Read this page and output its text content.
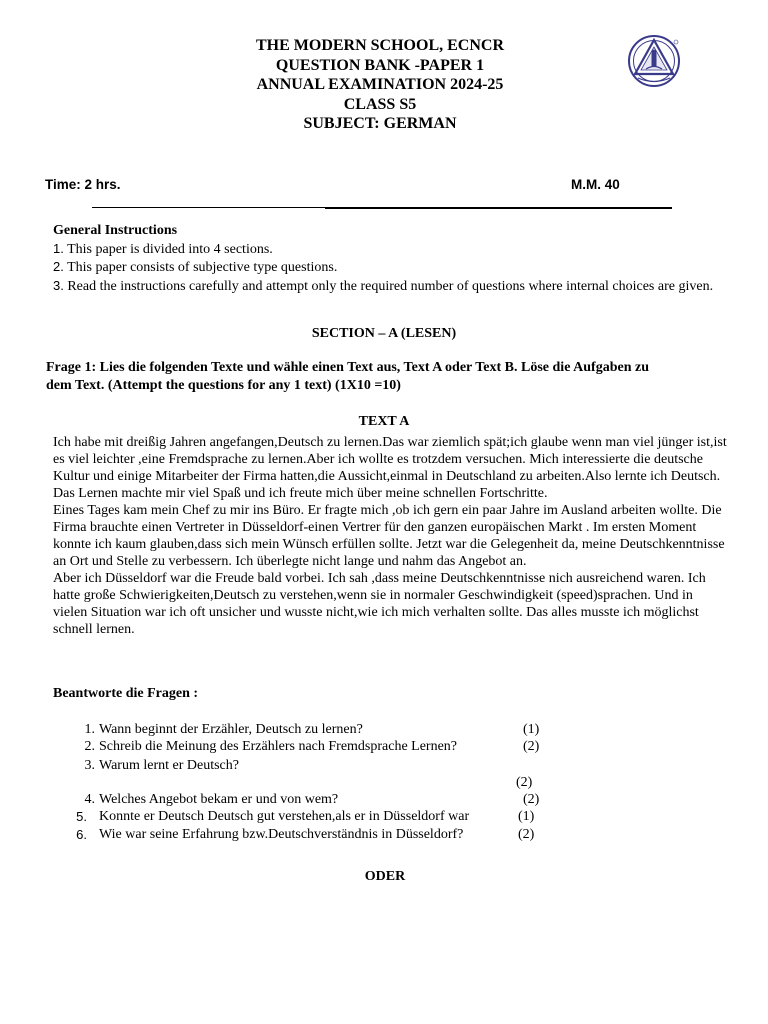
THE MODERN SCHOOL, ECNCR
QUESTION BANK -PAPER 1
ANNUAL EXAMINATION 2024-25
CLASS S5
SUBJECT: GERMAN
Time: 2 hrs.	M.M. 40
General Instructions
1. This paper is divided into 4 sections.
2. This paper consists of subjective type questions.
3. Read the instructions carefully and attempt only the required number of questions where internal choices are given.
SECTION – A (LESEN)
Frage 1: Lies die folgenden Texte und wähle einen Text aus, Text A oder Text B. Löse die Aufgaben zu dem Text. (Attempt the questions for any 1 text) (1X10 =10)
TEXT A

Ich habe mit dreißig Jahren angefangen,Deutsch zu lernen.Das war ziemlich spät;ich glaube wenn man viel jünger ist,ist es viel leichter ,eine Fremdsprache zu lernen.Aber ich wollte es trotzdem versuchen. Mich interessierte die deutsche Kultur und einige Mitarbeiter der Firma hatten,die Aussicht,einmal in Deutschland zu arbeiten.Also lernte ich Deutsch. Das Lernen machte mir viel Spaß und ich freute mich über meine schnellen Fortschritte.

Eines Tages kam mein Chef zu mir ins Büro. Er fragte mich ,ob ich gern ein paar Jahre im Ausland arbeiten wollte. Die Firma brauchte einen Vertreter in Düsseldorf-einen Vertrer für den ganzen europäischen Markt . Im ersten Moment konnte ich kaum glauben,dass sich mein Wünsch erfüllen sollte. Jetzt war die Gelegenheit da, meine Deutschkenntnisse an Ort und Stelle zu verbessern. Ich überlegte nicht lange und nahm das Angebot an.

Aber ich Düsseldorf war die Freude bald vorbei. Ich sah ,dass meine Deutschkenntnisse nich ausreichend waren. Ich hatte große Schwierigkeiten,Deutsch zu verstehen,wenn sie in normaler Geschwindigkeit (speed)sprachen. Und in vielen Situation war ich oft unsicher und wusste nicht,wie ich mich verhalten sollte. Das alles musste ich möglichst schnell lernen.

Beantworte die Fragen :
1. Wann beginnt der Erzähler, Deutsch zu lernen?	(1)
2. Schreib die Meinung des Erzählers nach Fremdsprache Lernen?	(2)
3. Warum lernt er Deutsch?
(2)
4. Welches Angebot bekam er und von wem?	(2)
5. Konnte er Deutsch Deutsch gut verstehen,als er in Düsseldorf war	(1)
6. Wie war seine Erfahrung bzw.Deutschverständnis in Düsseldorf?	(2)
ODER
